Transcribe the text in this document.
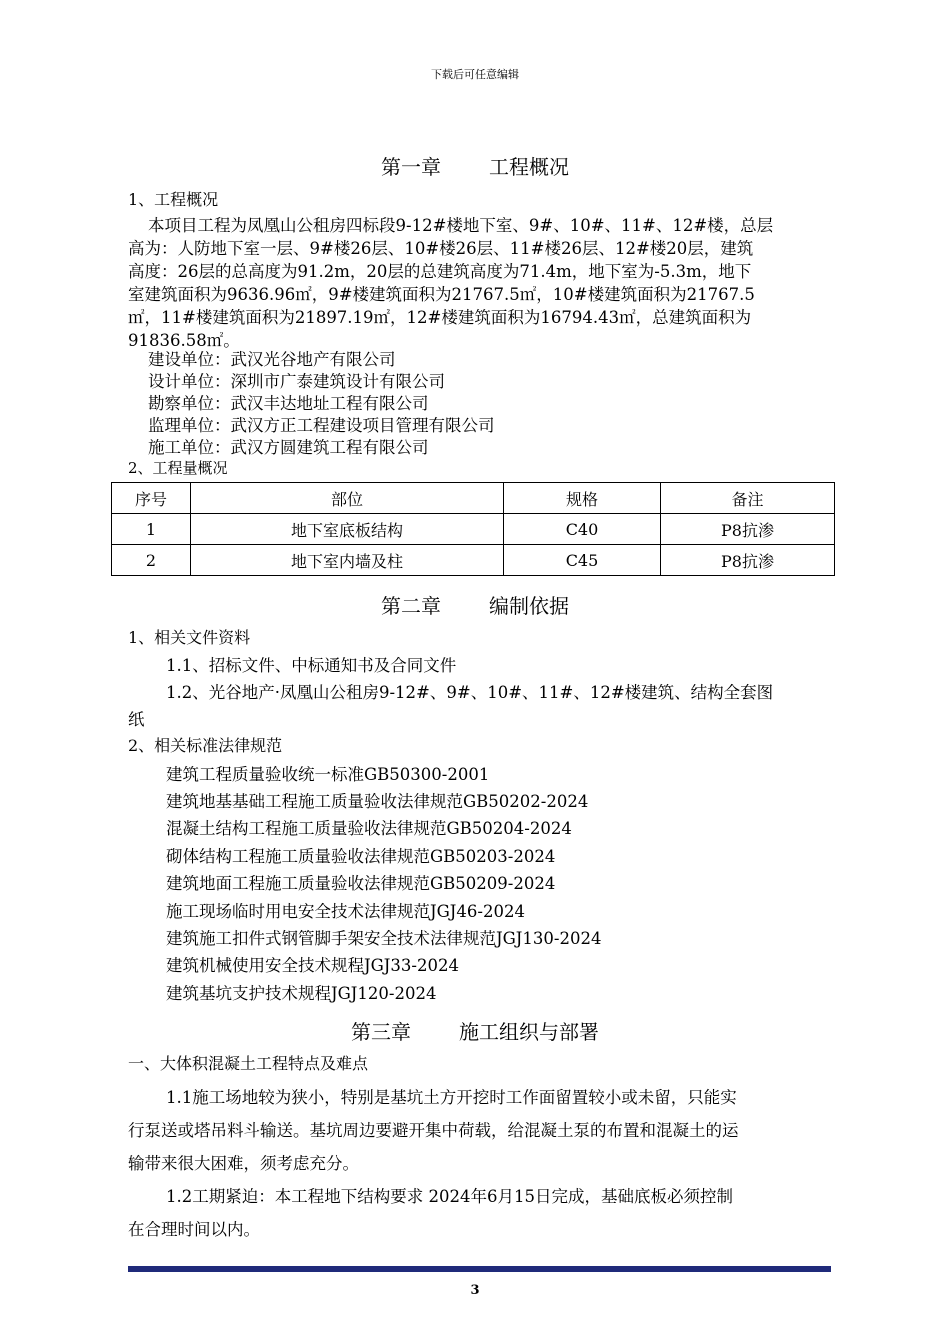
下载后可任意编辑
第一章 工程概况
1、工程概况
本项目工程为凤凰山公租房四标段9-12#楼地下室、9#、10#、11#、12#楼，总层
高为：人防地下室一层、9#楼26层、10#楼26层、11#楼26层、12#楼20层，建筑
高度：26层的总高度为91.2m，20层的总建筑高度为71.4m，地下室为-5.3m，地下
室建筑面积为9636.96㎡，9#楼建筑面积为21767.5㎡，10#楼建筑面积为21767.5
㎡，11#楼建筑面积为21897.19㎡，12#楼建筑面积为16794.43㎡，总建筑面积为
91836.58㎡。
建设单位：武汉光谷地产有限公司
设计单位：深圳市广泰建筑设计有限公司
勘察单位：武汉丰达地址工程有限公司
监理单位：武汉方正工程建设项目管理有限公司
施工单位：武汉方圆建筑工程有限公司
2、工程量概况
序号	部位	规格	备注
1	地下室底板结构	C40	P8抗渗
2	地下室内墙及柱	C45	P8抗渗
第二章 编制依据
1、相关文件资料
1.1、招标文件、中标通知书及合同文件
1.2、光谷地产·凤凰山公租房9-12#、9#、10#、11#、12#楼建筑、结构全套图
纸
2、相关标准法律规范
建筑工程质量验收统一标准GB50300-2001
建筑地基基础工程施工质量验收法律规范GB50202-2024
混凝土结构工程施工质量验收法律规范GB50204-2024
砌体结构工程施工质量验收法律规范GB50203-2024
建筑地面工程施工质量验收法律规范GB50209-2024
施工现场临时用电安全技术法律规范JGJ46-2024
建筑施工扣件式钢管脚手架安全技术法律规范JGJ130-2024
建筑机械使用安全技术规程JGJ33-2024
建筑基坑支护技术规程JGJ120-2024
第三章 施工组织与部署
一、大体积混凝土工程特点及难点
1.1施工场地较为狭小，特别是基坑土方开挖时工作面留置较小或未留，只能实
行泵送或塔吊料斗输送。基坑周边要避开集中荷载，给混凝土泵的布置和混凝土的运
输带来很大困难，须考虑充分。
1.2工期紧迫：本工程地下结构要求 2024年6月15日完成，基础底板必须控制
在合理时间以内。
3
